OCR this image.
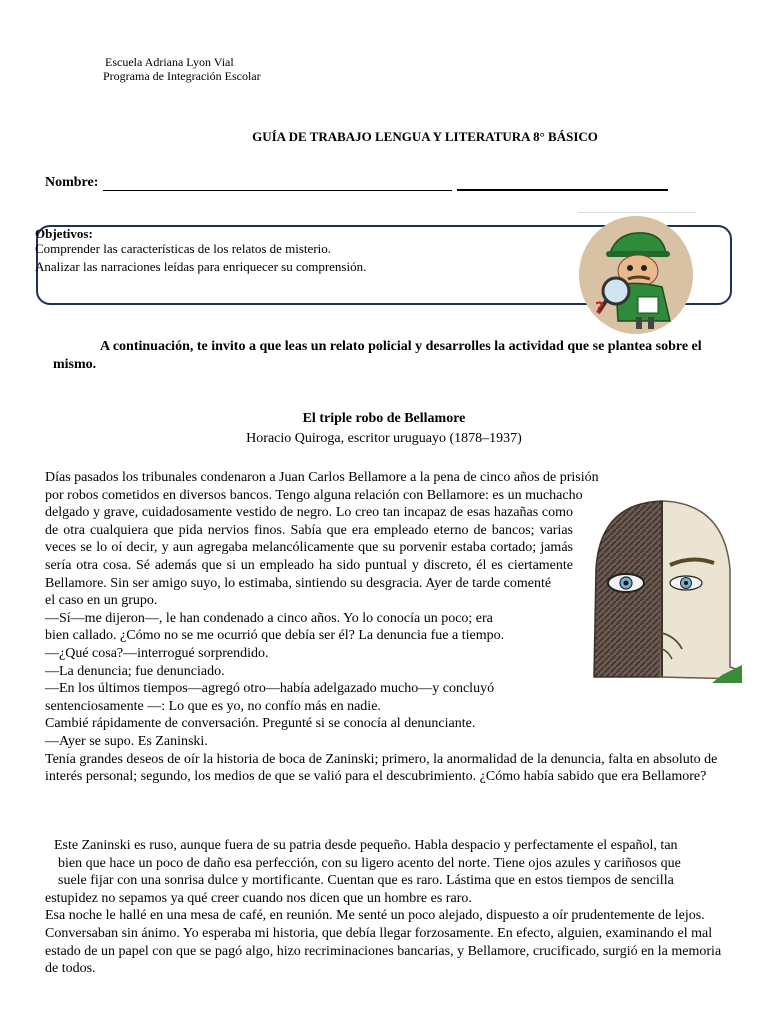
Escuela Adriana Lyon Vial
Programa de Integración Escolar
GUÍA DE TRABAJO LENGUA Y LITERATURA 8° BÁSICO
Nombre:
Objetivos:
Comprender las características de los relatos de misterio.
Analizar las narraciones leídas para enriquecer su comprensión.
?
A continuación, te invito a que leas un relato policial y desarrolles la actividad que se plantea sobre el mismo.
El triple robo de Bellamore
Horacio Quiroga, escritor uruguayo (1878–1937)

Días pasados los tribunales condenaron a Juan Carlos Bellamore a la pena de cinco años de prisión

por robos cometidos en diversos bancos. Tengo alguna relación con Bellamore: es un muchacho

delgado y grave, cuidadosamente vestido de negro. Lo creo tan incapaz de esas hazañas como de otra cualquiera que pida nervios finos. Sabía que era empleado eterno de bancos; varias veces se lo oí decir, y aun agregaba melancólicamente que su porvenir estaba cortado; jamás sería otra cosa. Sé además que si un empleado ha sido puntual y discreto, él es ciertamente Bellamore. Sin ser amigo suyo, lo estimaba, sintiendo su desgracia. Ayer de tarde comenté

el caso en un grupo.

—Sí—me dijeron—, le han condenado a cinco años. Yo lo conocía un poco; era

bien callado. ¿Cómo no se me ocurrió que debía ser él? La denuncia fue a tiempo.

—¿Qué cosa?—interrogué sorprendido.

—La denuncia; fue denunciado.

—En los últimos tiempos—agregó otro—había adelgazado mucho—y concluyó

sentenciosamente —: Lo que es yo, no confío más en nadie.

Cambié rápidamente de conversación. Pregunté si se conocía al denunciante.

—Ayer se supo. Es Zaninski.

Tenía grandes deseos de oír la historia de boca de Zaninski; primero, la anormalidad de la denuncia, falta en absoluto de interés personal; segundo, los medios de que se valió para el descubrimiento. ¿Cómo había sabido que era Bellamore?

Este Zaninski es ruso, aunque fuera de su patria desde pequeño. Habla despacio y perfectamente el español, tan

bien que hace un poco de daño esa perfección, con su ligero acento del norte. Tiene ojos azules y cariñosos que

suele fijar con una sonrisa dulce y mortificante. Cuentan que es raro. Lástima que en estos tiempos de sencilla

estupidez no sepamos ya qué creer cuando nos dicen que un hombre es raro.

Esa noche le hallé en una mesa de café, en reunión. Me senté un poco alejado, dispuesto a oír prudentemente de lejos. Conversaban sin ánimo. Yo esperaba mi historia, que debía llegar forzosamente. En efecto, alguien, examinando el mal estado de un papel con que se pagó algo, hizo recriminaciones bancarias, y Bellamore, crucificado, surgió en la memoria de todos.
